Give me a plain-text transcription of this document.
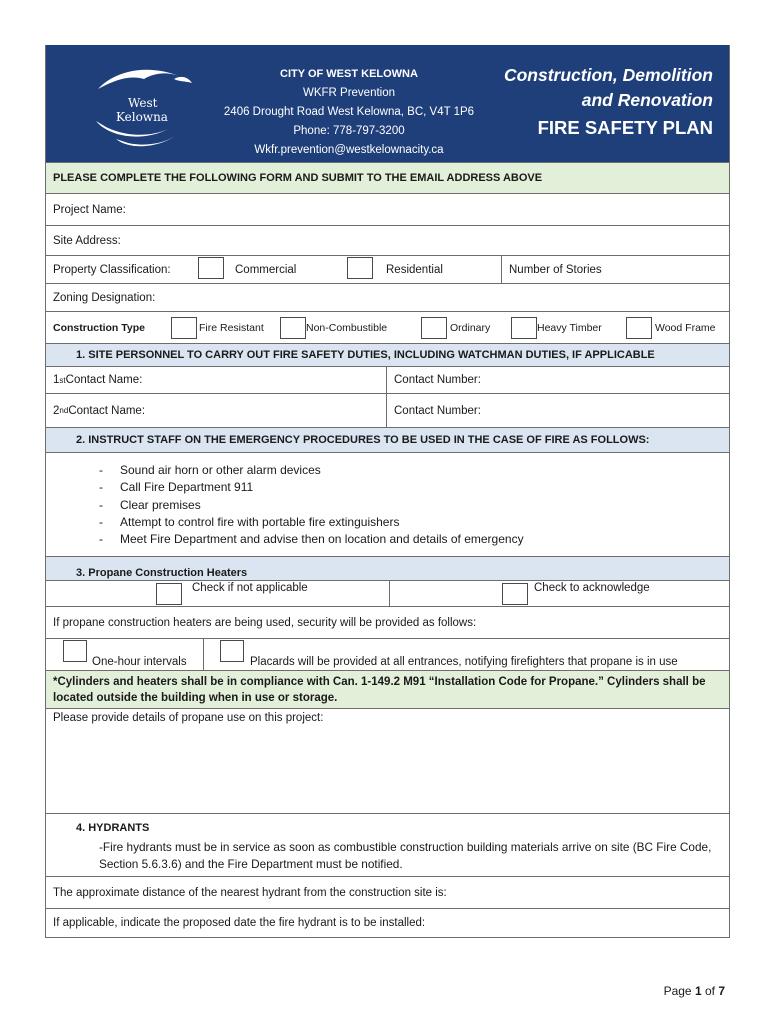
West
Kelowna
CITY OF WEST KELOWNA
WKFR Prevention
2406 Drought Road West Kelowna, BC, V4T 1P6
Phone: 778-797-3200
Wkfr.prevention@westkelownacity.ca
Construction, Demolition
and Renovation
FIRE SAFETY PLAN
PLEASE COMPLETE THE FOLLOWING FORM AND SUBMIT TO THE EMAIL ADDRESS ABOVE
Project Name:
Site Address:
Property Classification:	Commercial	Residential	Number of Stories
Zoning Designation:
Construction Type	Fire Resistant	Non-Combustible	Ordinary	Heavy Timber	Wood Frame
1. SITE PERSONNEL TO CARRY OUT FIRE SAFETY DUTIES, INCLUDING WATCHMAN DUTIES, IF APPLICABLE
1 st Contact Name:	Contact Number:
2 nd Contact Name:	Contact Number:
2. INSTRUCT STAFF ON THE EMERGENCY PROCEDURES TO BE USED IN THE CASE OF FIRE AS FOLLOWS:
-	Sound air horn or other alarm devices
-	Call Fire Department 911
-	Clear premises
-	Attempt to control fire with portable fire extinguishers
-	Meet Fire Department and advise then on location and details of emergency
3. Propane Construction Heaters
Check if not applicable	Check to acknowledge
If propane construction heaters are being used, security will be provided as follows:
One-hour intervals	Placards will be provided at all entrances, notifying firefighters that propane is in use
*Cylinders and heaters shall be in compliance with Can. 1-149.2 M91 “Installation Code for Propane.” Cylinders shall be located outside the building when in use or storage.
Please provide details of propane use on this project:
4. HYDRANTS
-Fire hydrants must be in service as soon as combustible construction building materials arrive on site (BC Fire Code, Section 5.6.3.6) and the Fire Department must be notified.
The approximate distance of the nearest hydrant from the construction site is:
If applicable, indicate the proposed date the fire hydrant is to be installed:
Page 1 of 7
